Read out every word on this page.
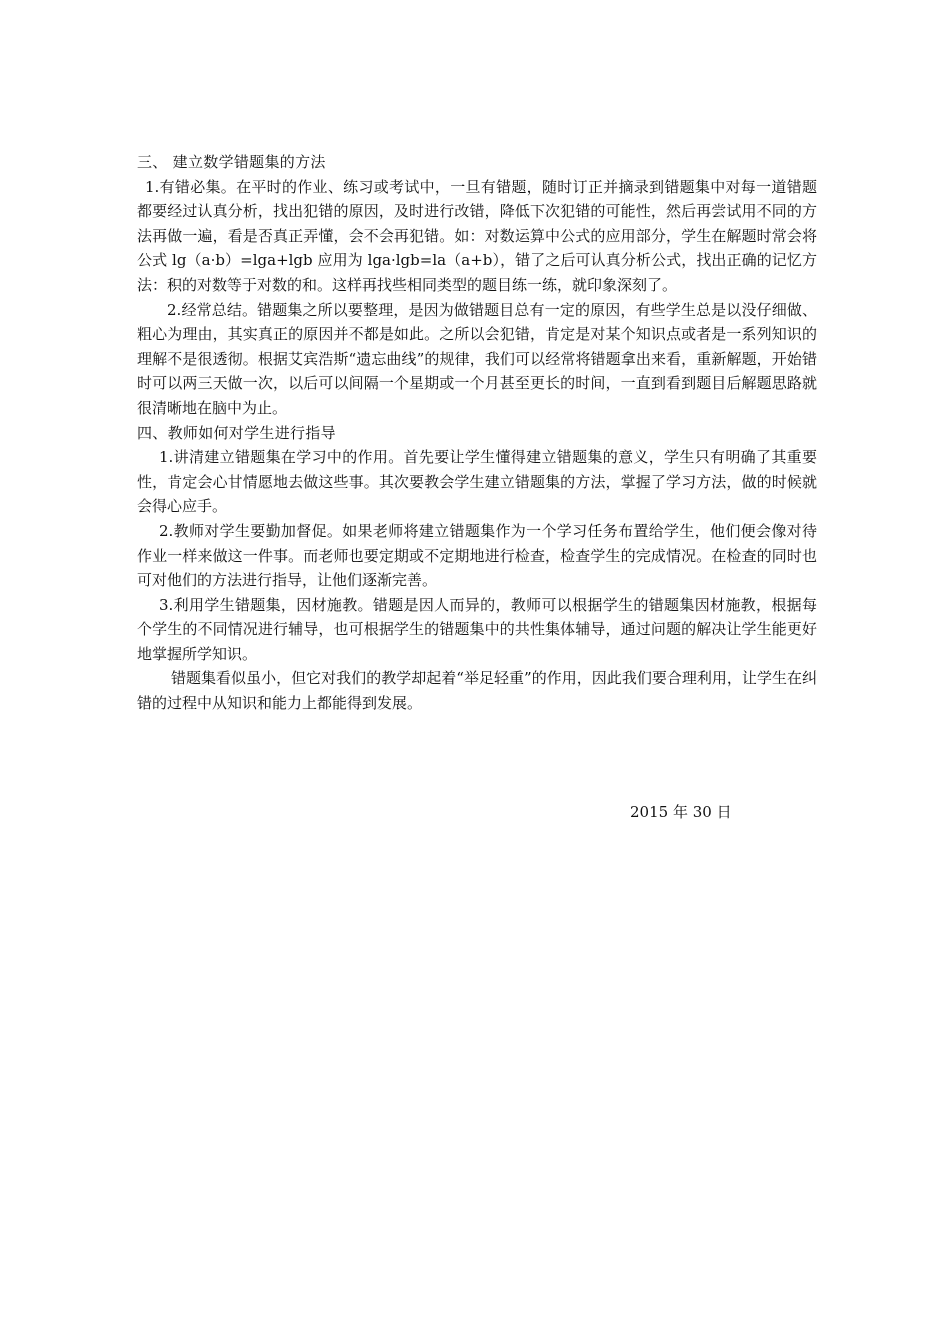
三、 建立数学错题集的方法

1.有错必集。在平时的作业、练习或考试中，一旦有错题，随时订正并摘录到错题集中对每一道错题都要经过认真分析，找出犯错的原因，及时进行改错，降低下次犯错的可能性，然后再尝试用不同的方法再做一遍，看是否真正弄懂，会不会再犯错。如：对数运算中公式的应用部分，学生在解题时常会将公式 lg（a·b）=lga+lgb 应用为 lga·lgb=la（a+b），错了之后可认真分析公式，找出正确的记忆方法：积的对数等于对数的和。这样再找些相同类型的题目练一练，就印象深刻了。

2.经常总结。错题集之所以要整理，是因为做错题目总有一定的原因，有些学生总是以没仔细做、粗心为理由，其实真正的原因并不都是如此。之所以会犯错，肯定是对某个知识点或者是一系列知识的理解不是很透彻。根据艾宾浩斯“遗忘曲线”的规律，我们可以经常将错题拿出来看，重新解题，开始错时可以两三天做一次，以后可以间隔一个星期或一个月甚至更长的时间，一直到看到题目后解题思路就很清晰地在脑中为止。

四、教师如何对学生进行指导

1.讲清建立错题集在学习中的作用。首先要让学生懂得建立错题集的意义，学生只有明确了其重要性，肯定会心甘情愿地去做这些事。其次要教会学生建立错题集的方法，掌握了学习方法，做的时候就会得心应手。

2.教师对学生要勤加督促。如果老师将建立错题集作为一个学习任务布置给学生，他们便会像对待作业一样来做这一件事。而老师也要定期或不定期地进行检查，检查学生的完成情况。在检查的同时也可对他们的方法进行指导，让他们逐渐完善。

3.利用学生错题集，因材施教。错题是因人而异的，教师可以根据学生的错题集因材施教，根据每个学生的不同情况进行辅导，也可根据学生的错题集中的共性集体辅导，通过问题的解决让学生能更好地掌握所学知识。

错题集看似虽小，但它对我们的教学却起着“举足轻重”的作用，因此我们要合理利用，让学生在纠错的过程中从知识和能力上都能得到发展。

2015 年 30 日
